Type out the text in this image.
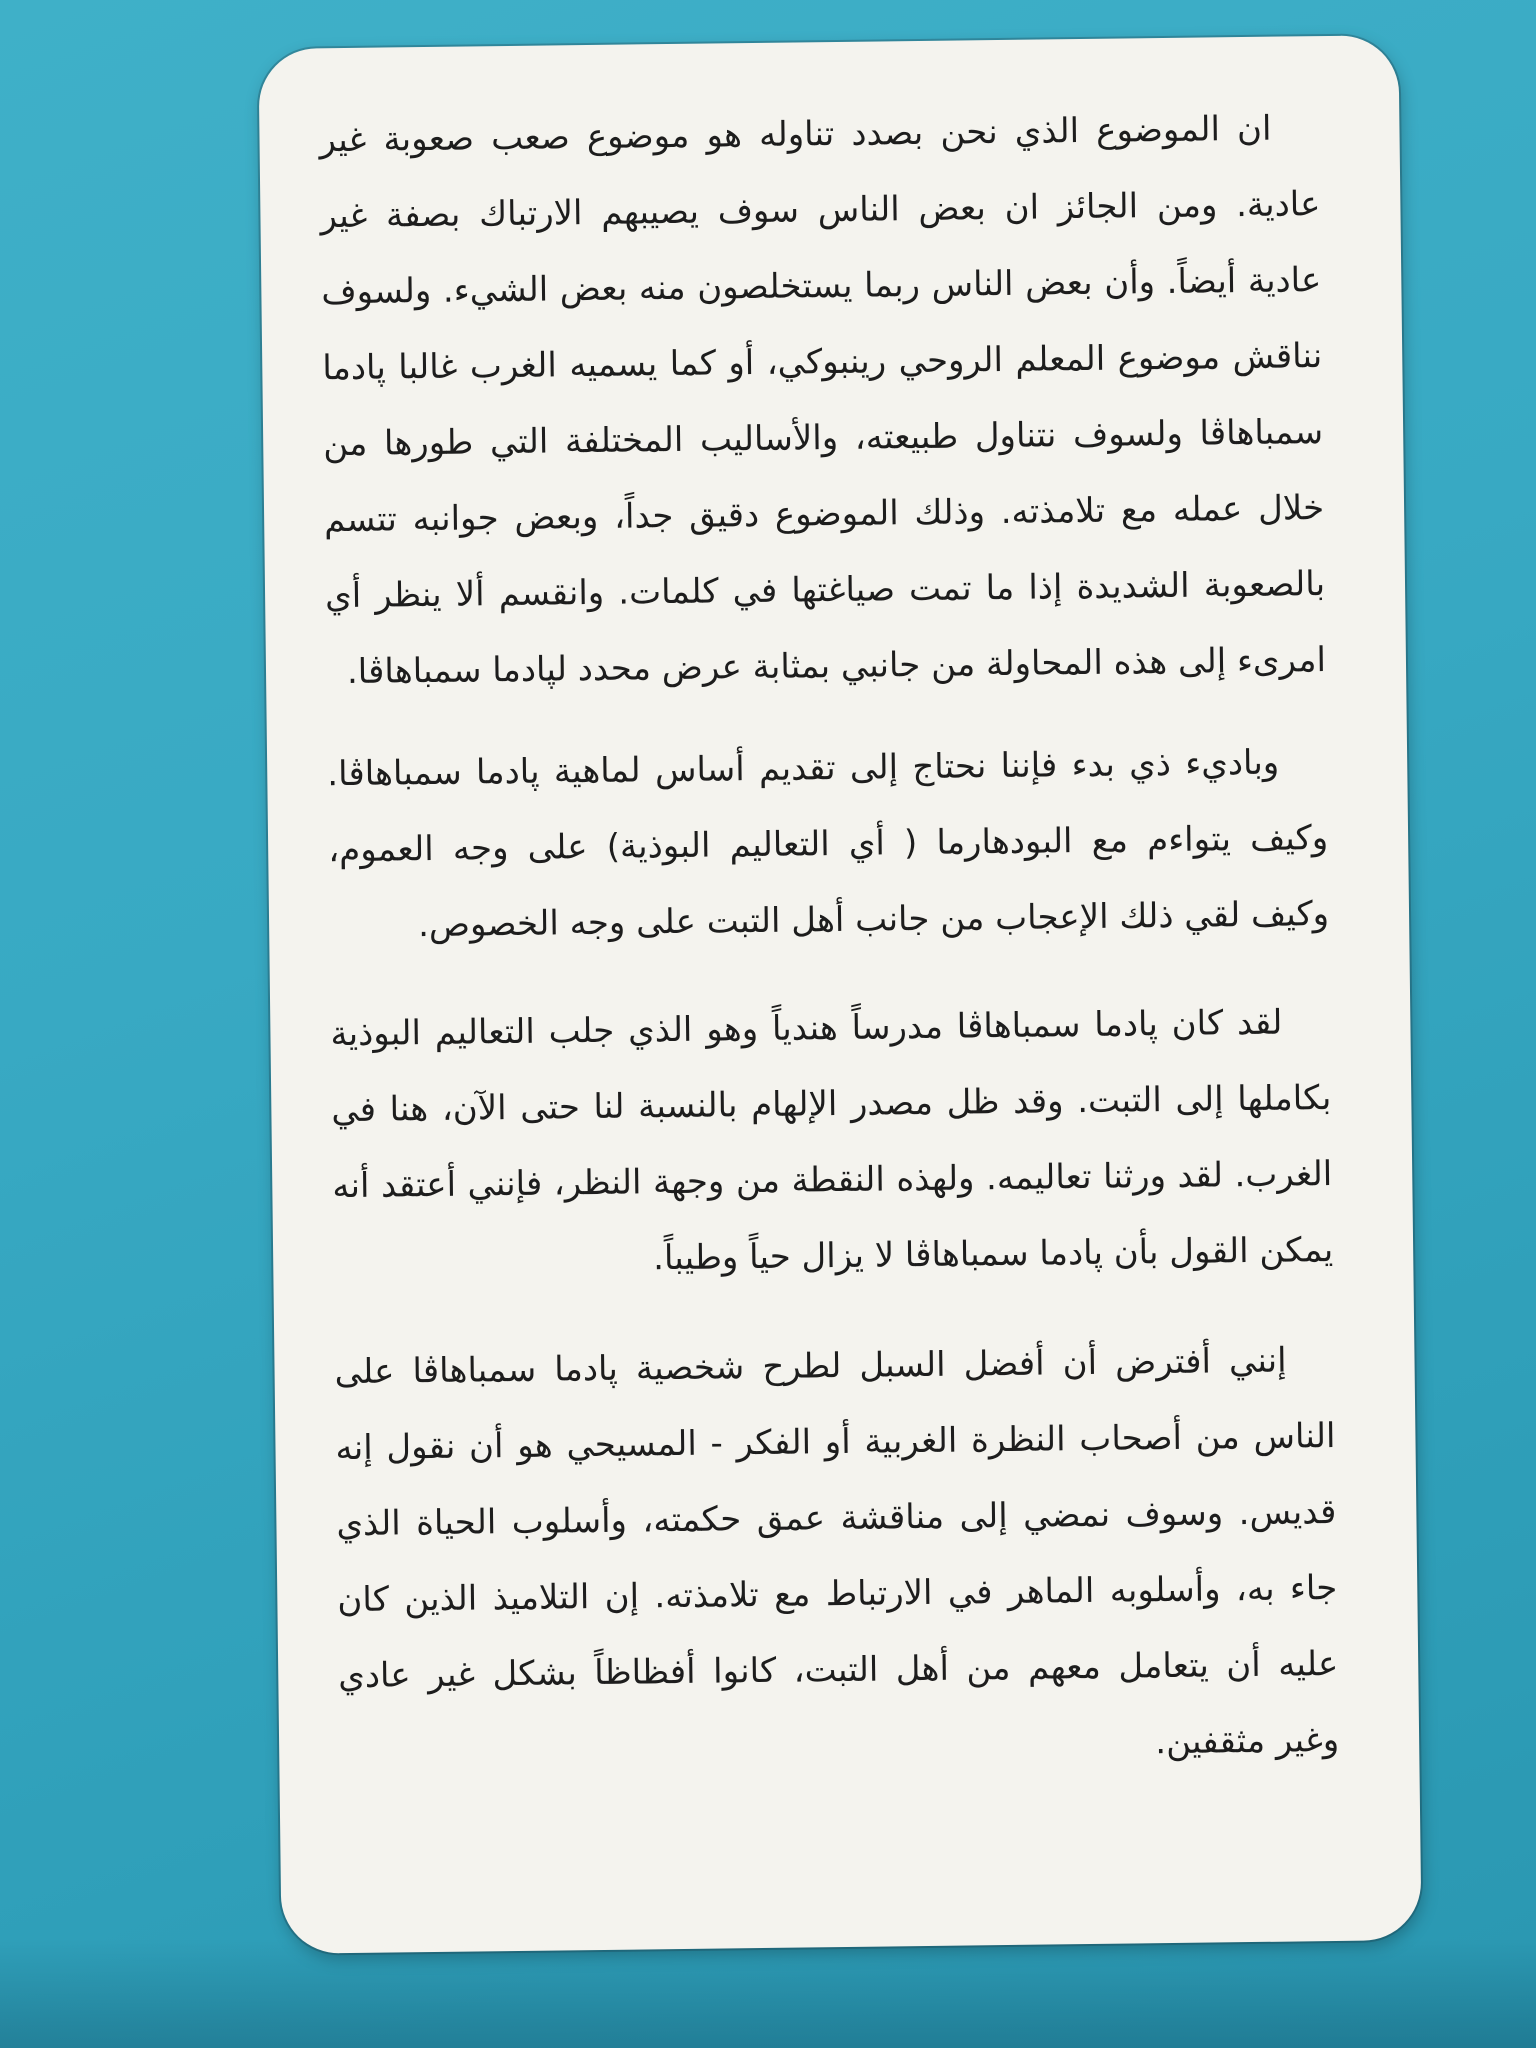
ان الموضوع الذي نحن بصدد تناوله هو موضوع صعب صعوبة غير عادية. ومن الجائز ان بعض الناس سوف يصيبهم الارتباك بصفة غير عادية أيضاً. وأن بعض الناس ربما يستخلصون منه بعض الشيء. ولسوف نناقش موضوع المعلم الروحي رينبوكي، أو كما يسميه الغرب غالبا پادما سمباهاڤا ولسوف نتناول طبيعته، والأساليب المختلفة التي طورها من خلال عمله مع تلامذته. وذلك الموضوع دقيق جداً، وبعض جوانبه تتسم بالصعوبة الشديدة إذا ما تمت صياغتها في كلمات. وانقسم ألا ينظر أي امرىء إلى هذه المحاولة من جانبي بمثابة عرض محدد لپادما سمباهاڤا.

وباديء ذي بدء فإننا نحتاج إلى تقديم أساس لماهية پادما سمباهاڤا. وكيف يتواءم مع البودهارما ( أي التعاليم البوذية) على وجه العموم، وكيف لقي ذلك الإعجاب من جانب أهل التبت على وجه الخصوص.

لقد كان پادما سمباهاڤا مدرساً هندياً وهو الذي جلب التعاليم البوذية بكاملها إلى التبت. وقد ظل مصدر الإلهام بالنسبة لنا حتى الآن، هنا في الغرب. لقد ورثنا تعاليمه. ولهذه النقطة من وجهة النظر، فإنني أعتقد أنه يمكن القول بأن پادما سمباهاڤا لا يزال حياً وطيباً.

إنني أفترض أن أفضل السبل لطرح شخصية پادما سمباهاڤا على الناس من أصحاب النظرة الغربية أو الفكر - المسيحي هو أن نقول إنه قديس. وسوف نمضي إلى مناقشة عمق حكمته، وأسلوب الحياة الذي جاء به، وأسلوبه الماهر في الارتباط مع تلامذته. إن التلاميذ الذين كان عليه أن يتعامل معهم من أهل التبت، كانوا أفظاظاً بشكل غير عادي وغير مثقفين.
